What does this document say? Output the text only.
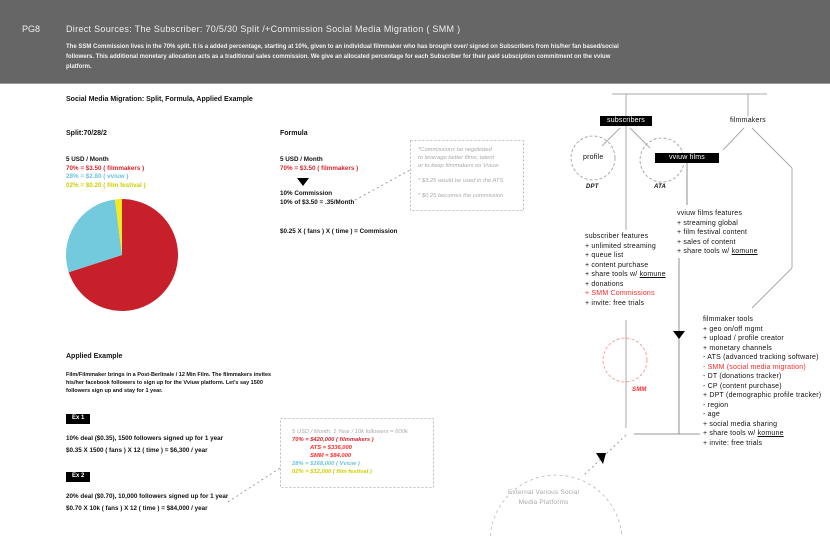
PG8	Direct Sources: The Subscriber: 70/5/30 Split /+Commission Social Media Migration ( SMM )
The SSM Commission lives in the 70% split. It is a added percentage, starting at 10%, given to an individual filmmaker who has brought over/ signed on Subscribers from his/her fan based/social followers. This additional monetary allocation acts as a traditional sales commission. We give an allocated percentage for each Subscriber for their paid subsciption commitment on the vviuw platform.
Social Media Migration: Split, Formula, Applied Example
Split:70/28/2
5 USD / Month
70% = $3.50 ( filmmakers )
28% = $2.80 ( vviuw )
02% = $0.20 ( film festival )
Formula
5 USD / Month
70% = $3.50 ( filmmakers )
10% Commission
10% of $3.50 = .35/Month
$0.25 X ( fans ) X ( time ) = Commission
*Commissions be negotiated
to leverage better films, talent
or to keep filmmakers on Vviuw
* $3.25 would be used in the ATS
* $0.25 becomes the commission
Applied Example
Film/Filmmaker brings in a Post-Berlinale / 12 Min Film. The filmmakers invites
his/her facebook followers to sign up for the Vviuw platform. Let's say 1500
followers sign up and stay for 1 year.
Ex 1
10% deal ($0.35), 1500 followers signed up for 1 year
$0.35 X 1500 ( fans ) X 12 ( time ) = $6,300 / year
Ex 2
20% deal ($0.70), 10,000 followers signed up for 1 year
$0.70 X 10k ( fans ) X 12 ( time ) = $84,000 / year
5 USD / Month, 1 Year / 10k followers = 600k
70% = $420,000 ( filmmakers )
ATS = $336,000
SMM = $84,000
28% = $168,000 ( Vviuw )
02% = $12,000 ( film festival )
subscribers	filmmakers
profile
DPT	ATA
vviuw films
SMM
External Various Social
Media Platforms
subscriber features
+ unlimited streaming
+ queue list
+ content purchase
+ share tools w/ komune
+ donations
+ SMM Commissions
+ invite: free trials
vviuw films features
+ streaming global
+ film festival content
+ sales of content
+ share tools w/ komune
filmmaker tools
+ geo on/off mgmt
+ upload / profile creator
+ monetary channels
- ATS (advanced tracking software)
- SMM (social media migration)
- DT (donations tracker)
- CP (content purchase)
+ DPT (demographic profile tracker)
- region
- age
+ social media sharing
+ share tools w/ komune
+ invite: free trials
